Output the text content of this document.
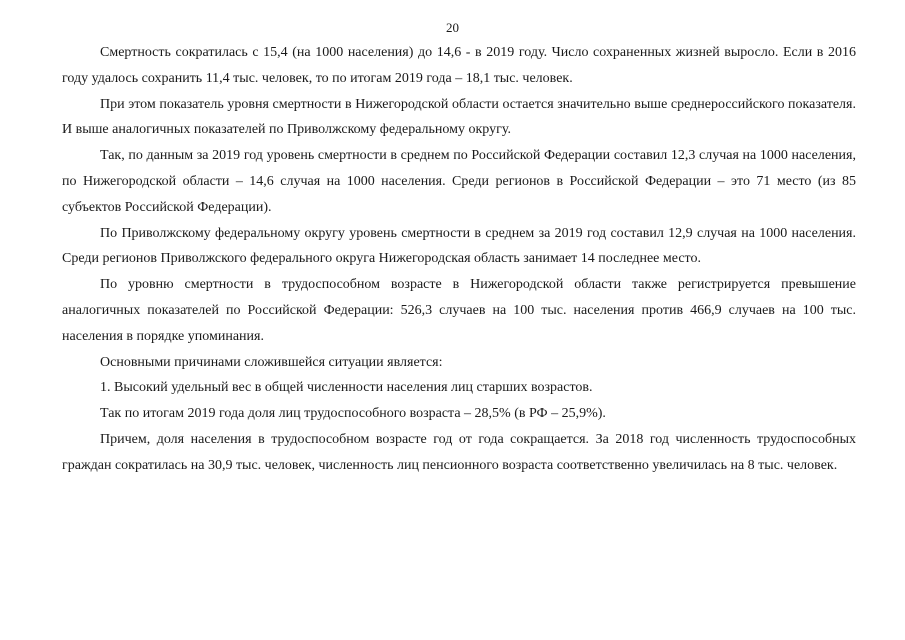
20

Смертность сократилась с 15,4 (на 1000 населения) до 14,6 - в 2019 году. Число сохраненных жизней выросло. Если в 2016 году удалось сохранить 11,4 тыс. человек, то по итогам 2019 года – 18,1 тыс. человек.

При этом показатель уровня смертности в Нижегородской области остается значительно выше среднероссийского показателя. И выше аналогичных показателей по Приволжскому федеральному округу.

Так, по данным за 2019 год уровень смертности в среднем по Российской Федерации составил 12,3 случая на 1000 населения, по Нижегородской области – 14,6 случая на 1000 населения. Среди регионов в Российской Федерации – это 71 место (из 85 субъектов Российской Федерации).

По Приволжскому федеральному округу уровень смертности в среднем за 2019 год составил 12,9 случая на 1000 населения. Среди регионов Приволжского федерального округа Нижегородская область занимает 14 последнее место.

По уровню смертности в трудоспособном возрасте в Нижегородской области также регистрируется превышение аналогичных показателей по Российской Федерации: 526,3 случаев на 100 тыс. населения против 466,9 случаев на 100 тыс. населения в порядке упоминания.

Основными причинами сложившейся ситуации является:

1. Высокий удельный вес в общей численности населения лиц старших возрастов.

Так по итогам 2019 года доля лиц трудоспособного возраста – 28,5% (в РФ – 25,9%).

Причем, доля населения в трудоспособном возрасте год от года сокращается. За 2018 год численность трудоспособных граждан сократилась на 30,9 тыс. человек, численность лиц пенсионного возраста соответственно увеличилась на 8 тыс. человек.
